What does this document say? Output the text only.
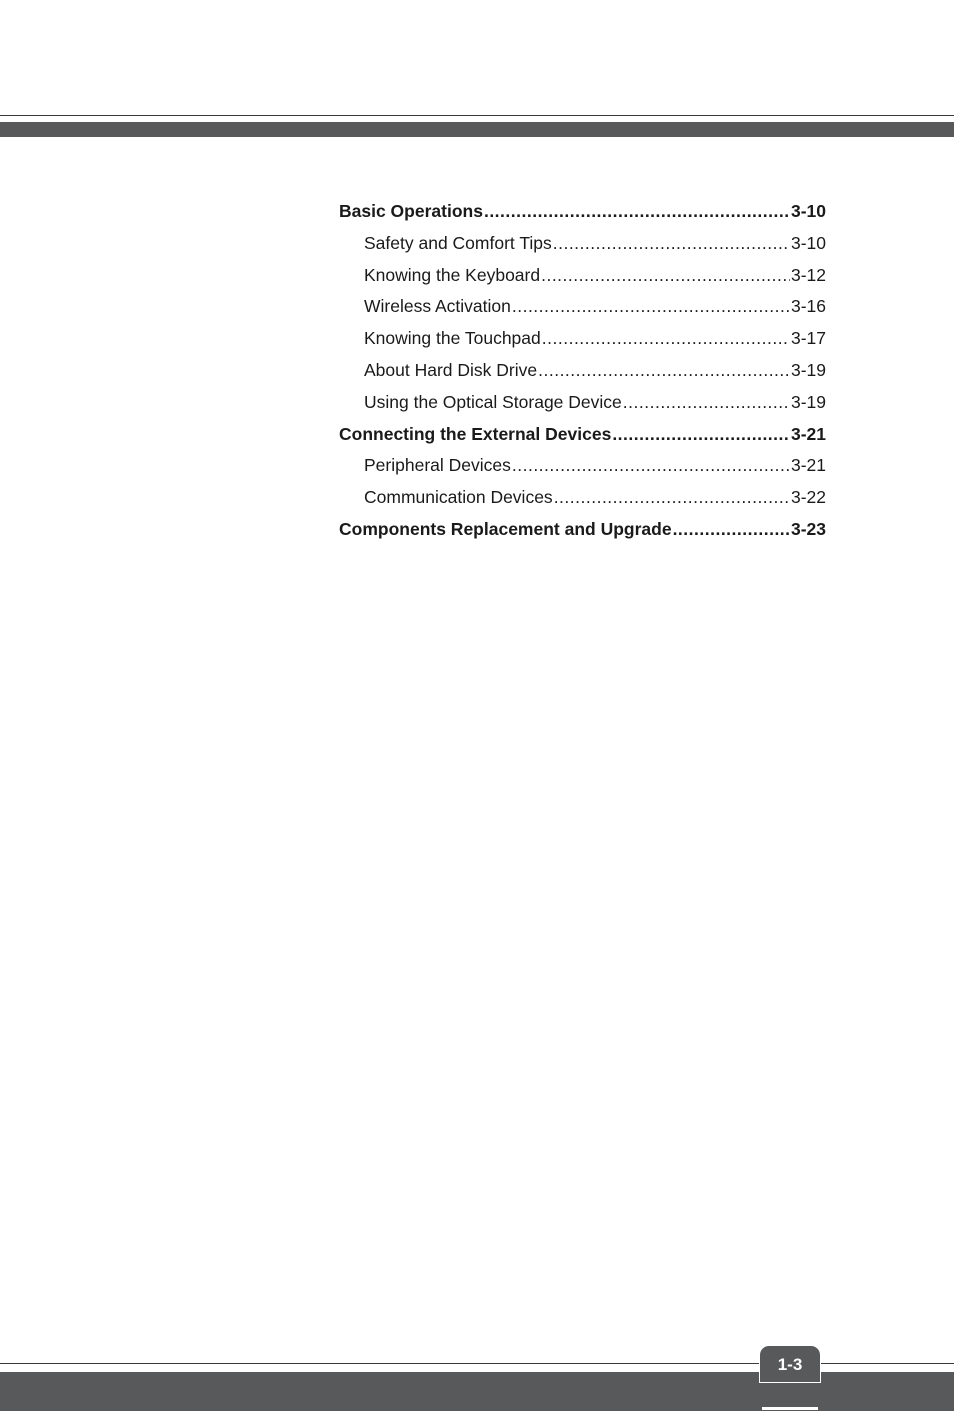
Basic Operations .....	3-10
Safety and Comfort Tips .....	3-10
Knowing the Keyboard .....	3-12
Wireless Activation .....	3-16
Knowing the Touchpad .....	3-17
About Hard Disk Drive .....	3-19
Using the Optical Storage Device .....	3-19
Connecting the External Devices .....	3-21
Peripheral Devices .....	3-21
Communication Devices .....	3-22
Components Replacement and Upgrade .....	3-23
1-3
